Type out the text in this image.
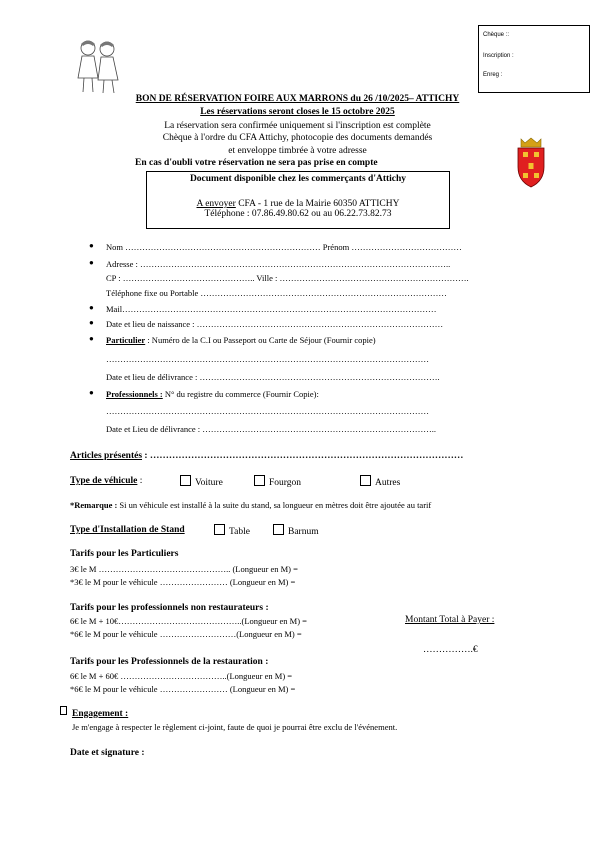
Chèque ::
Inscription :
Enreg :
BON DE RÉSERVATION FOIRE AUX MARRONS du 26 /10/2025– ATTICHY
Les réservations seront closes le 15 octobre 2025
La réservation sera confirmée uniquement si l'inscription est complète
Chèque à l'ordre du CFA Attichy, photocopie des documents demandés
et enveloppe timbrée à votre adresse
En cas d'oubli votre réservation ne sera pas prise en compte
Document disponible chez les commerçants d'Attichy
A envoyer CFA - 1 rue de la Mairie 60350 ATTICHY
Téléphone : 07.86.49.80.62 ou au 06.22.73.82.73
● Nom …………………………………………………………… Prénom …………………………………
● Adresse : ………………………………………………………………………………………………..
CP : ……………………………………….. Ville : ………………………………………………………….
Téléphone fixe ou Portable ……………………………………………………………………………
● Mail…………………………………………………………………………………………………
● Date et lieu de naissance : ……………………………………………………………………………
● Particulier : Numéro de la C.I ou Passeport ou Carte de Séjour (Fournir copie)
……………………………………………………………………………………………………
Date et lieu de délivrance : ………………………………………………………………………….
● Professionnels : N° du registre du commerce (Fournir Copie):
……………………………………………………………………………………………………
Date et Lieu de délivrance : ………………………………………………………………………..
Articles présentés : ………………………………………………………………………………………
Type de véhicule :	Voiture	Fourgon	Autres
*Remarque : Si un véhicule est installé à la suite du stand, sa longueur en mètres doit être ajoutée au tarif
Type d'Installation de Stand	Table	Barnum
Tarifs pour les Particuliers
3€ le M ……………………………………….. (Longueur en M) =
*3€ le M pour le véhicule …………………… (Longueur en M) =
Tarifs pour les professionnels non restaurateurs :
6€ le M + 10€……………………………………..(Longueur en M) =
*6€ le M pour le véhicule ………………………(Longueur en M) =
Montant Total à Payer :
…………….€
Tarifs pour les Professionnels de la restauration :
6€ le M + 60€ ………………………………..(Longueur en M) =
*6€ le M pour le véhicule …………………… (Longueur en M) =
Engagement :
Je m'engage à respecter le règlement ci-joint, faute de quoi je pourrai être exclu de l'événement.
Date et signature :
